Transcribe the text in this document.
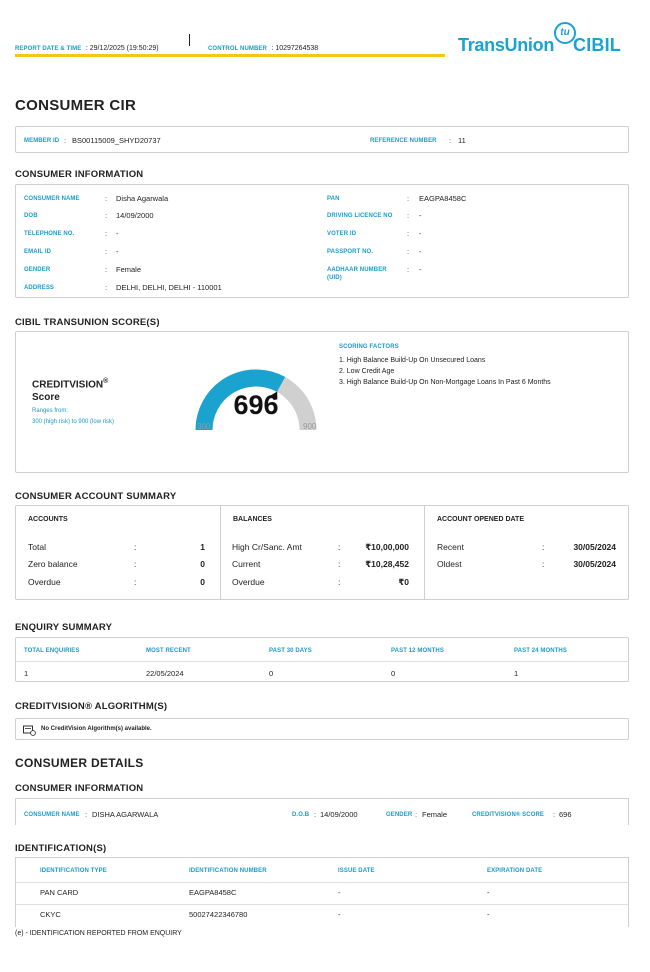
REPORT DATE & TIME : 29/12/2025 (19:50:29)	CONTROL NUMBER : 10297264538	TransUnion
tu
CIBIL
CONSUMER CIR
MEMBER ID : BS00115009_SHYD20737	REFERENCE NUMBER : 11
CONSUMER INFORMATION
CONSUMER NAME	: Disha Agarwala
DOB	: 14/09/2000
TELEPHONE NO.	: -
EMAIL ID	: -
GENDER	: Female
ADDRESS	: DELHI, DELHI, DELHI - 110001
PAN	: EAGPA8458C
DRIVING LICENCE NO : -
VOTER ID	: -
PASSPORT NO.	: -
AADHAAR NUMBER
(UID)
: -
CIBIL TRANSUNION SCORE(S)
CREDITVISION®
Score
Ranges from:
300 (high risk) to 900 (low risk)
696
300	900
SCORING FACTORS
1. High Balance Build-Up On Unsecured Loans
2. Low Credit Age
3. High Balance Build-Up On Non-Mortgage Loans In Past 6 Months
CONSUMER ACCOUNT SUMMARY
ACCOUNTS	BALANCES	ACCOUNT OPENED DATE
Total	:	1
Zero balance	:	0
Overdue	:	0
High Cr/Sanc. Amt	:	₹10,00,000
Current	:	₹10,28,452
Overdue	:	₹0
Recent	:	30/05/2024
Oldest	:	30/05/2024
ENQUIRY SUMMARY
TOTAL ENQUIRIES	MOST RECENT	PAST 30 DAYS	PAST 12 MONTHS	PAST 24 MONTHS
1	22/05/2024	0	0	1
CREDITVISION® ALGORITHM(S)
No CreditVision Algorithm(s) available.
CONSUMER DETAILS
CONSUMER INFORMATION
CONSUMER NAME : DISHA AGARWALA	D.O.B : 14/09/2000	GENDER : Female	CREDITVISION® SCORE : 696
IDENTIFICATION(S)
IDENTIFICATION TYPE	IDENTIFICATION NUMBER	ISSUE DATE	EXPIRATION DATE
PAN CARD	EAGPA8458C	-	-
CKYC	50027422346780	-	-
(e) - IDENTIFICATION REPORTED FROM ENQUIRY
